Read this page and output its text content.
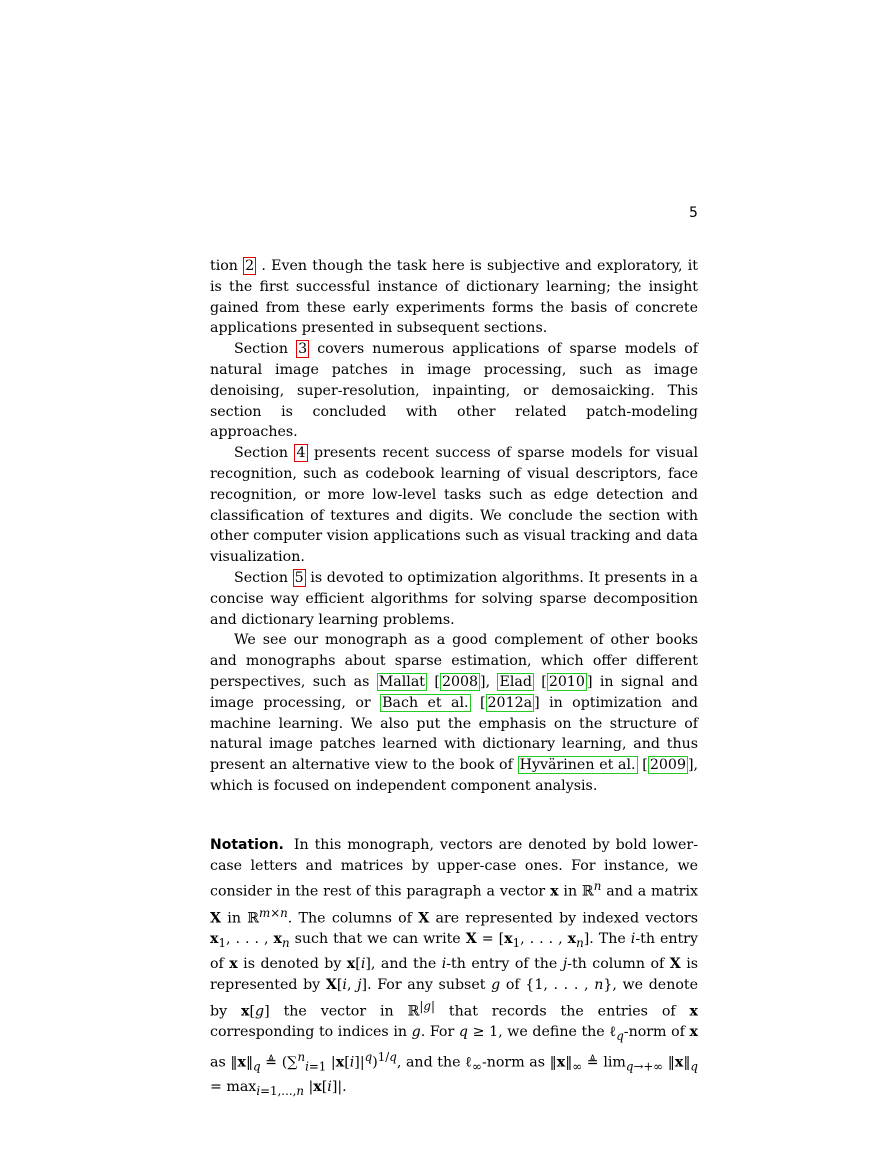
5

tion 2 . Even though the task here is subjective and exploratory, it is the first successful instance of dictionary learning; the insight gained from these early experiments forms the basis of concrete applications presented in subsequent sections.

Section 3 covers numerous applications of sparse models of natural image patches in image processing, such as image denoising, super-resolution, inpainting, or demosaicking. This section is concluded with other related patch-modeling approaches.

Section 4 presents recent success of sparse models for visual recognition, such as codebook learning of visual descriptors, face recognition, or more low-level tasks such as edge detection and classification of textures and digits. We conclude the section with other computer vision applications such as visual tracking and data visualization.

Section 5 is devoted to optimization algorithms. It presents in a concise way efficient algorithms for solving sparse decomposition and dictionary learning problems.

We see our monograph as a good complement of other books and monographs about sparse estimation, which offer different perspectives, such as Mallat [ 2008 ], Elad [ 2010 ] in signal and image processing, or Bach et al. [ 2012a ] in optimization and machine learning. We also put the emphasis on the structure of natural image patches learned with dictionary learning, and thus present an alternative view to the book of Hyvärinen et al. [ 2009 ], which is focused on independent component analysis.

Notation. In this monograph, vectors are denoted by bold lower-case letters and matrices by upper-case ones. For instance, we consider in the rest of this paragraph a vector x in ℝ$^n$ and a matrix X in ℝ$^{m\times n}$. The columns of X are represented by indexed vectors $x_1$, . . . , $x_n$ such that we can write $X = [x_1$, . . . , $x_n$]. The i-th entry of x is denoted by x[i], and the i-th entry of the j-th column of X is represented by X[i, j]. For any subset g of {1, . . . , n}, we denote by x[g] the vector in ℝ$^{|g|}$ that records the entries of x corresponding to indices in g. For q ≥ 1, we define the ℓ$_q$-norm of x as $‖x‖_q$ ≜ (∑$^n_{i=1}$ $|x[i]|^q)^{1/q}$, and the ℓ$_\infty$-norm as $‖x‖_\infty$ ≜ $\lim_{q\to+\infty}$ $‖x‖_q = \max_{i=1,...,n} |x[i]|$.
